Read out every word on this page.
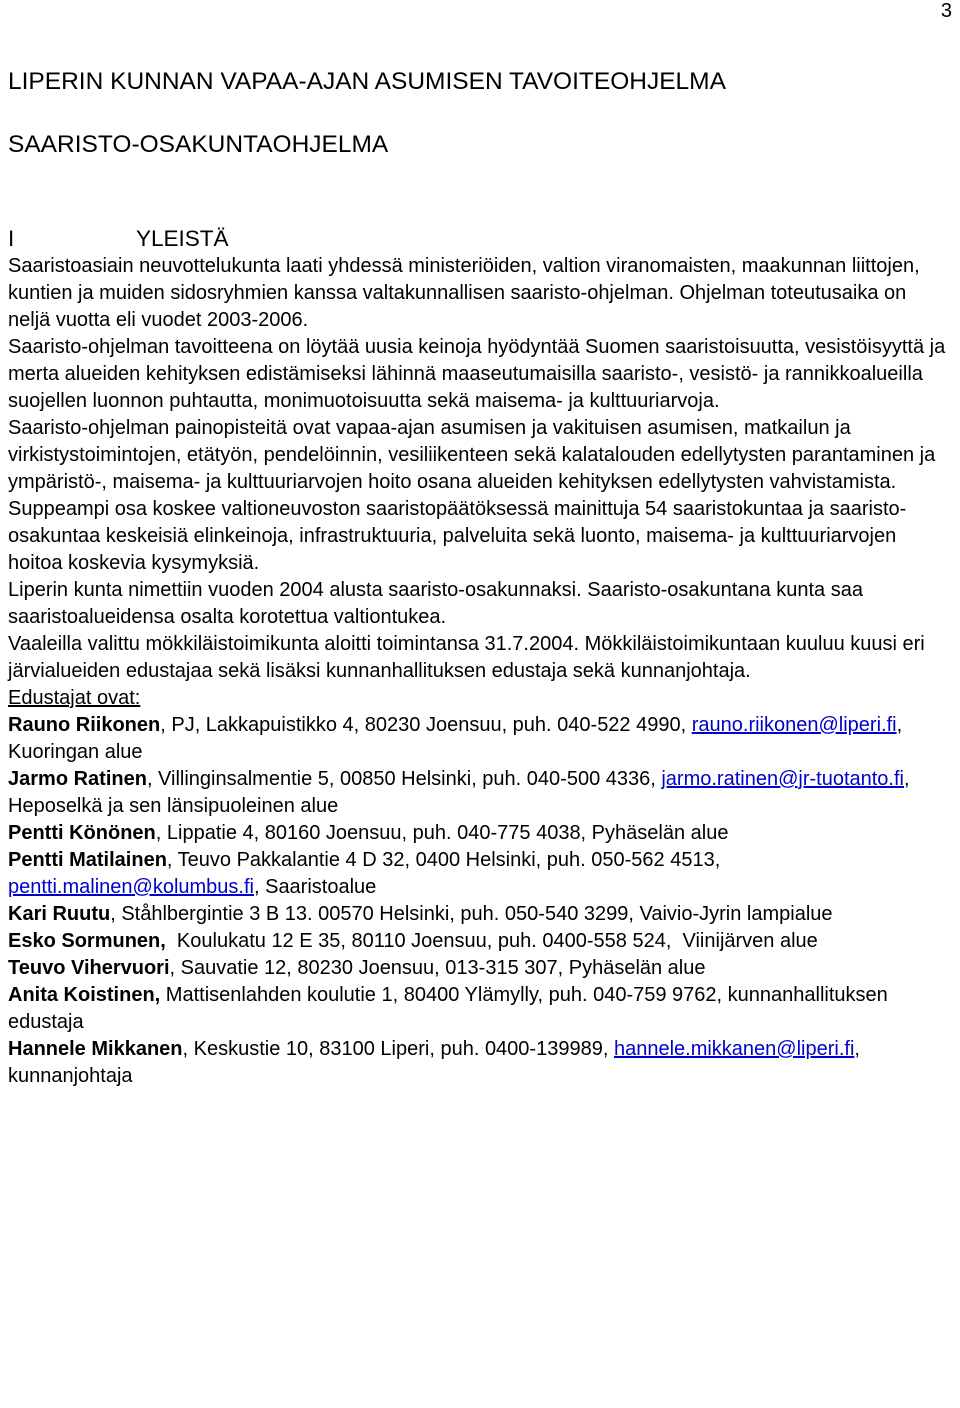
3
LIPERIN KUNNAN VAPAA-AJAN ASUMISEN TAVOITEOHJELMA
SAARISTO-OSAKUNTAOHJELMA
I	YLEISTÄ

Saaristoasiain neuvottelukunta laati yhdessä ministeriöiden, valtion viranomaisten, maakunnan liittojen, kuntien ja muiden sidosryhmien kanssa valtakunnallisen saaristo-ohjelman. Ohjelman toteutusaika on neljä vuotta eli vuodet 2003-2006.

Saaristo-ohjelman tavoitteena on löytää uusia keinoja hyödyntää Suomen saaristoisuutta, vesistöisyyttä ja merta alueiden kehityksen edistämiseksi lähinnä maaseutumaisilla saaristo-, vesistö- ja rannikkoalueilla suojellen luonnon puhtautta, monimuotoisuutta sekä maisema- ja kulttuuriarvoja.

Saaristo-ohjelman painopisteitä ovat vapaa-ajan asumisen ja vakituisen asumisen, matkailun ja virkistystoimintojen, etätyön, pendelöinnin, vesiliikenteen sekä kalatalouden edellytysten parantaminen ja ympäristö-, maisema- ja kulttuuriarvojen hoito osana alueiden kehityksen edellytysten vahvistamista. Suppeampi osa koskee valtioneuvoston saaristopäätöksessä mainittuja 54 saaristokuntaa ja saaristo-osakuntaa keskeisiä elinkeinoja, infrastruktuuria, palveluita sekä luonto, maisema- ja kulttuuriarvojen hoitoa koskevia kysymyksiä.

Liperin kunta nimettiin vuoden 2004 alusta saaristo-osakunnaksi. Saaristo-osakuntana kunta saa saaristoalueidensa osalta korotettua valtiontukea.

Vaaleilla valittu mökkiläistoimikunta aloitti toimintansa 31.7.2004. Mökkiläistoimikuntaan kuuluu kuusi eri järvialueiden edustajaa sekä lisäksi kunnanhallituksen edustaja sekä kunnanjohtaja.

Edustajat ovat:

Rauno Riikonen, PJ, Lakkapuistikko 4, 80230 Joensuu, puh. 040-522 4990, rauno.riikonen@liperi.fi, Kuoringan alue

Jarmo Ratinen, Villinginsalmentie 5, 00850 Helsinki, puh. 040-500 4336, jarmo.ratinen@jr-tuotanto.fi, Heposelkä ja sen länsipuoleinen alue

Pentti Könönen, Lippatie 4, 80160 Joensuu, puh. 040-775 4038, Pyhäselän alue

Pentti Matilainen, Teuvo Pakkalantie 4 D 32, 0400 Helsinki, puh. 050-562 4513, pentti.malinen@kolumbus.fi, Saaristoalue

Kari Ruutu, Ståhlbergintie 3 B 13. 00570 Helsinki, puh. 050-540 3299, Vaivio-Jyrin lampialue

Esko Sormunen,  Koulukatu 12 E 35, 80110 Joensuu, puh. 0400-558 524,  Viinijärven alue

Teuvo Vihervuori, Sauvatie 12, 80230 Joensuu, 013-315 307, Pyhäselän alue

Anita Koistinen, Mattisenlahden koulutie 1, 80400 Ylämylly, puh. 040-759 9762, kunnanhallituksen edustaja

Hannele Mikkanen, Keskustie 10, 83100 Liperi, puh. 0400-139989, hannele.mikkanen@liperi.fi, kunnanjohtaja
